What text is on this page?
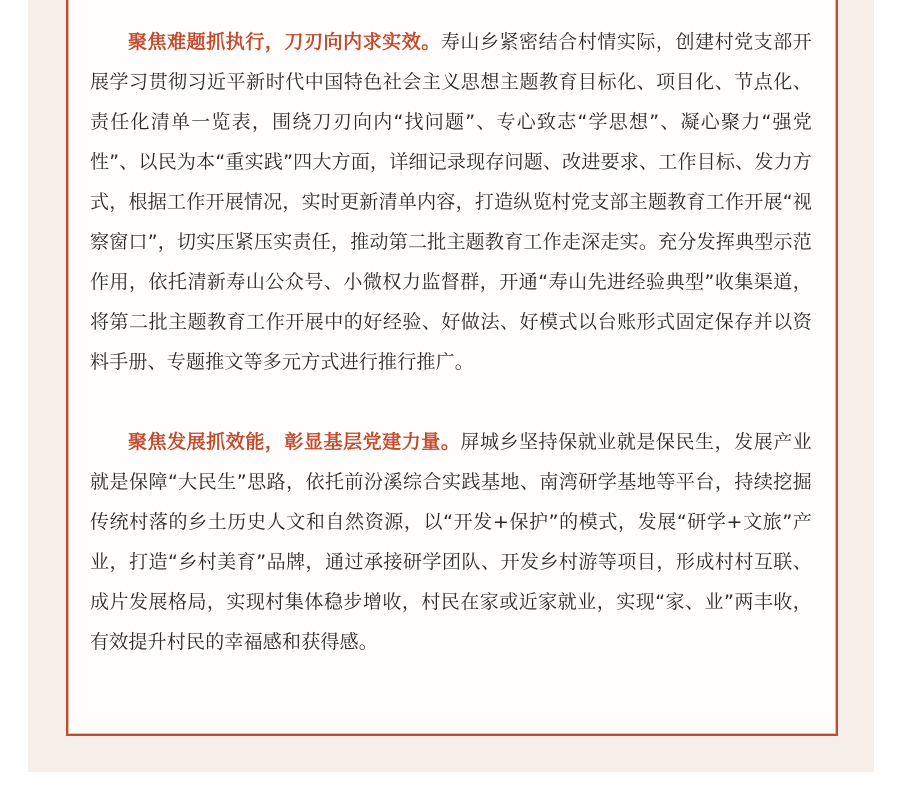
聚焦难题抓执行，刀刃向内求实效。寿山乡紧密结合村情实际，创建村党支部开展学习贯彻习近平新时代中国特色社会主义思想主题教育目标化、项目化、节点化、责任化清单一览表，围绕刀刃向内“找问题”、专心致志“学思想”、凝心聚力“强党性”、以民为本“重实践”四大方面，详细记录现存问题、改进要求、工作目标、发力方式，根据工作开展情况，实时更新清单内容，打造纵览村党支部主题教育工作开展“视察窗口”，切实压紧压实责任，推动第二批主题教育工作走深走实。充分发挥典型示范作用，依托清新寿山公众号、小微权力监督群，开通“寿山先进经验典型”收集渠道，将第二批主题教育工作开展中的好经验、好做法、好模式以台账形式固定保存并以资料手册、专题推文等多元方式进行推行推广。

聚焦发展抓效能，彰显基层党建力量。屏城乡坚持保就业就是保民生，发展产业就是保障“大民生”思路，依托前汾溪综合实践基地、南湾研学基地等平台，持续挖掘传统村落的乡土历史人文和自然资源，以“开发+保护”的模式，发展“研学+文旅”产业，打造“乡村美育”品牌，通过承接研学团队、开发乡村游等项目，形成村村互联、成片发展格局，实现村集体稳步增收，村民在家或近家就业，实现“家、业”两丰收，有效提升村民的幸福感和获得感。
